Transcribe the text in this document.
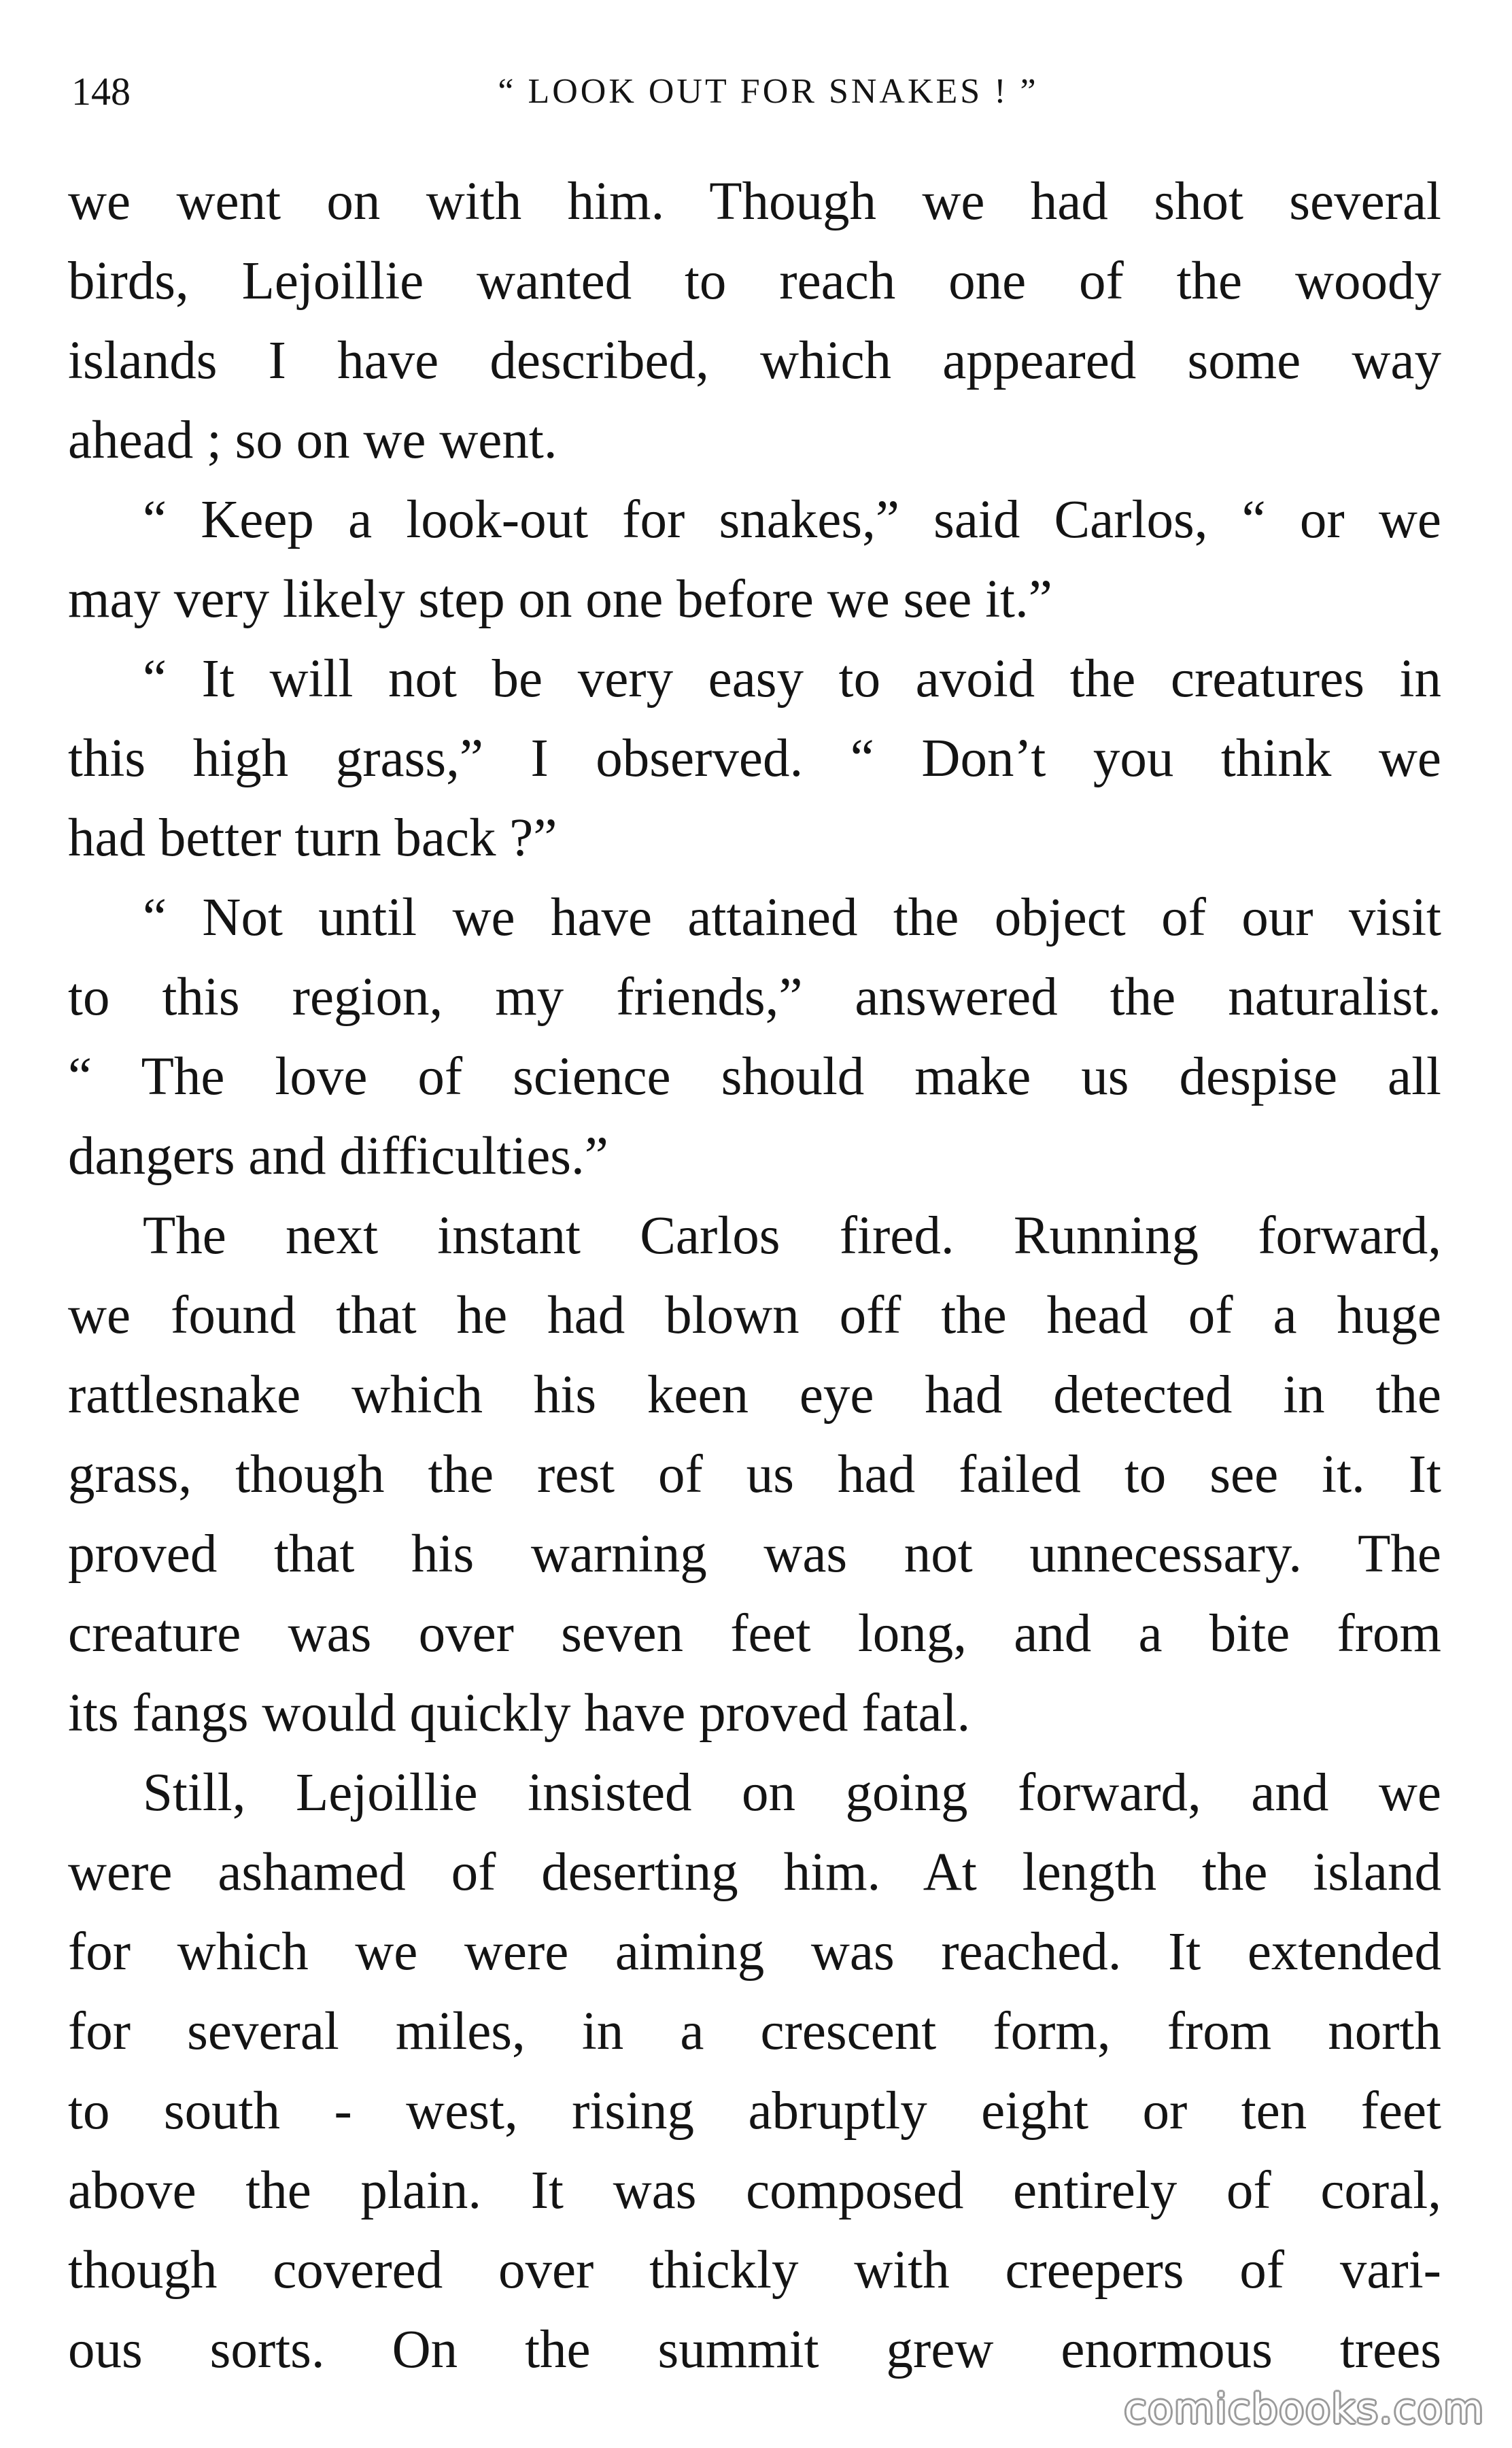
148	“ LOOK OUT FOR SNAKES ! ”
we went on with him. Though we had shot several
birds, Lejoillie wanted to reach one of the woody
islands I have described, which appeared some way
ahead ; so on we went.
“ Keep a look-out for snakes,” said Carlos, “ or we
may very likely step on one before we see it.”
“ It will not be very easy to avoid the creatures in
this high grass,” I observed. “ Don’t you think we
had better turn back ?”
“ Not until we have attained the object of our visit
to this region, my friends,” answered the naturalist.
“ The love of science should make us despise all
dangers and difficulties.”
The next instant Carlos fired. Running forward,
we found that he had blown off the head of a huge
rattlesnake which his keen eye had detected in the
grass, though the rest of us had failed to see it. It
proved that his warning was not unnecessary. The
creature was over seven feet long, and a bite from
its fangs would quickly have proved fatal.
Still, Lejoillie insisted on going forward, and we
were ashamed of deserting him. At length the island
for which we were aiming was reached. It extended
for several miles, in a crescent form, from north
to south - west, rising abruptly eight or ten feet
above the plain. It was composed entirely of coral,
though covered over thickly with creepers of vari-
ous sorts. On the summit grew enormous trees
comicbooks.com
